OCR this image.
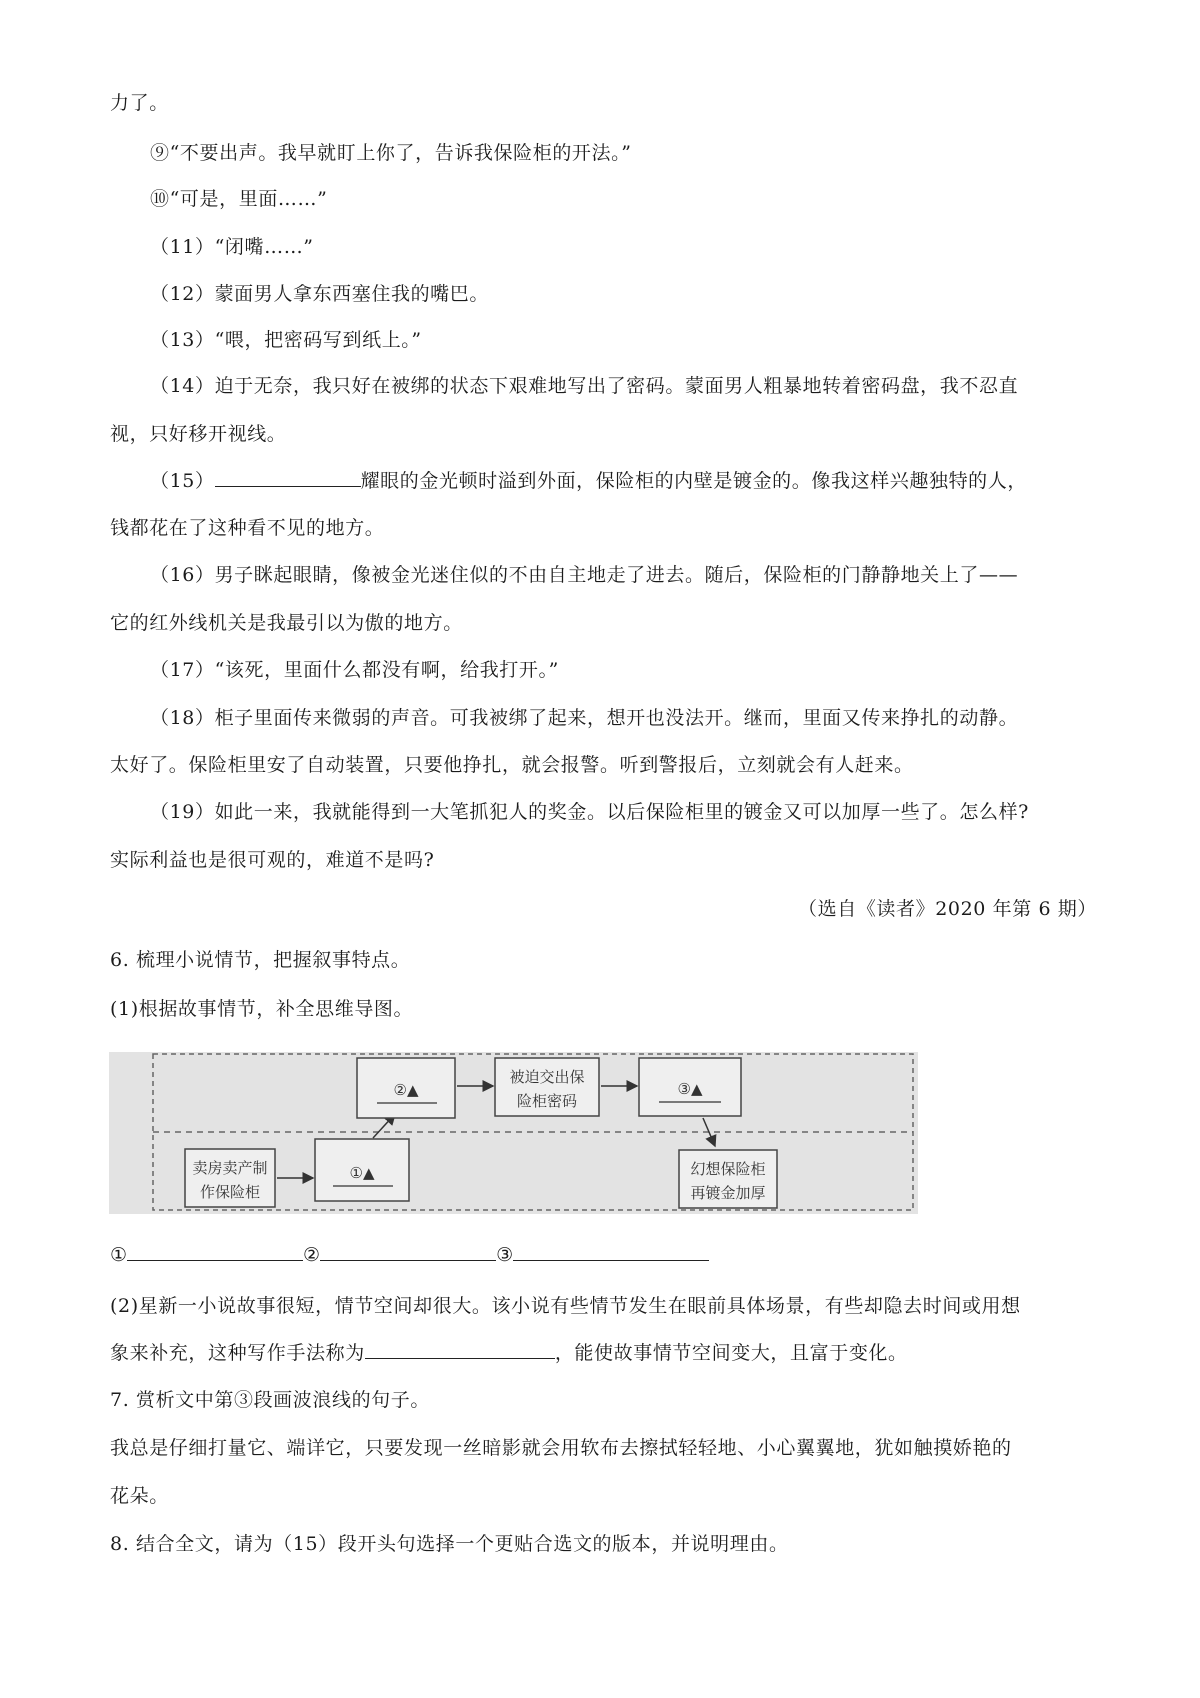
力了。
⑨“不要出声。我早就盯上你了，告诉我保险柜的开法。”
⑩“可是，里面……”
（11）“闭嘴……”
（12）蒙面男人拿东西塞住我的嘴巴。
（13）“喂，把密码写到纸上。”
（14）迫于无奈，我只好在被绑的状态下艰难地写出了密码。蒙面男人粗暴地转着密码盘，我不忍直
视，只好移开视线。
（15）	耀眼的金光顿时溢到外面，保险柜的内壁是镀金的。像我这样兴趣独特的人，
钱都花在了这种看不见的地方。
（16）男子眯起眼睛，像被金光迷住似的不由自主地走了进去。随后，保险柜的门静静地关上了——
它的红外线机关是我最引以为傲的地方。
（17）“该死，里面什么都没有啊，给我打开。”
（18）柜子里面传来微弱的声音。可我被绑了起来，想开也没法开。继而，里面又传来挣扎的动静。
太好了。保险柜里安了自动装置，只要他挣扎，就会报警。听到警报后，立刻就会有人赶来。
（19）如此一来，我就能得到一大笔抓犯人的奖金。以后保险柜里的镀金又可以加厚一些了。怎么样?
实际利益也是很可观的，难道不是吗?
（选自《读者》2020 年第 6 期）
6. 梳理小说情节，把握叙事特点。
(1)根据故事情节，补全思维导图。
卖房卖产制
作保险柜
①▲
②▲
被迫交出保
险柜密码
③▲
幻想保险柜
再镀金加厚
①	②	③
(2)星新一小说故事很短，情节空间却很大。该小说有些情节发生在眼前具体场景，有些却隐去时间或用想
象来补充，这种写作手法称为	，能使故事情节空间变大，且富于变化。
7. 赏析文中第③段画波浪线的句子。
我总是仔细打量它、端详它，只要发现一丝暗影就会用软布去擦拭轻轻地、小心翼翼地，犹如触摸娇艳的
花朵。
8. 结合全文，请为（15）段开头句选择一个更贴合选文的版本，并说明理由。
